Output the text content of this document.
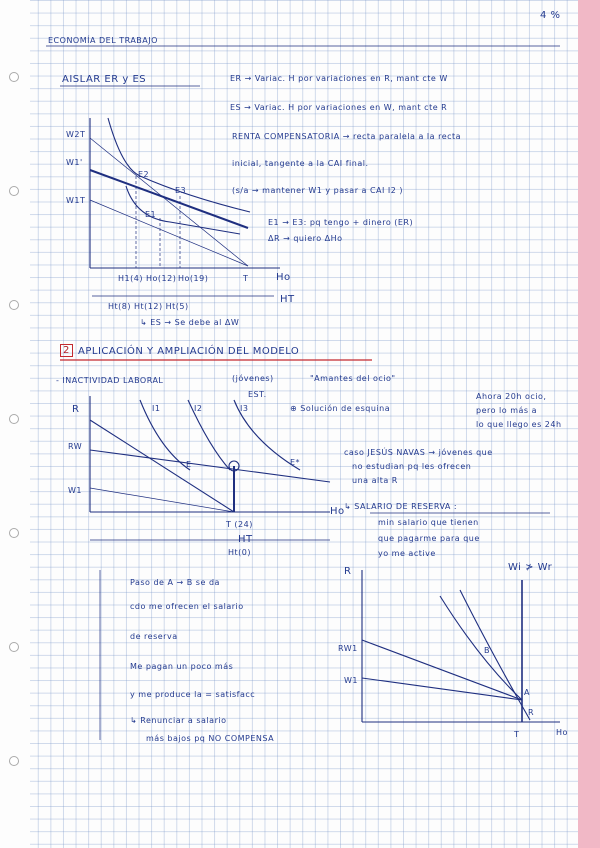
ECONOMÍA DEL TRABAJO
4 %
AISLAR ER y ES	ER → Variac. H por variaciones en R, mant cte W
ES → Variac. H por variaciones en W, mant cte R
RENTA COMPENSATORIA → recta paralela a la recta
inicial, tangente a la CAI final.
(s/a → mantener W1 y pasar a CAI I2 )
E1 → E3: pq tengo + dinero (ER)
ΔR → quiero ΔHo
W2T
W1'
W1T
E2
E3
E1
H1(4) Ho(12) Ho(19)	T	Ho
HT
Ht(8) Ht(12) Ht(5)
↳ ES → Se debe al ΔW
2 APLICACIÓN Y AMPLIACIÓN DEL MODELO
- INACTIVIDAD LABORAL	(jóvenes)	"Amantes del ocio"
EST.
R
RW
W1
I1	I2	I3
E	E*
T (24)
Ho
HT
Ht(0)
⊕ Solución de esquina
Ahora 20h ocio,
pero lo más a
lo que llego es 24h
caso JESÚS NAVAS → jóvenes que
no estudian pq les ofrecen
una alta R
↳ SALARIO DE RESERVA :
min salario que tienen
que pagarme para que
yo me active
Wi ≯ Wr
Paso de A → B se da
cdo me ofrecen el salario
de reserva
Me pagan un poco más
y me produce la = satisfacc
↳ Renunciar a salario
más bajos pq NO COMPENSA
R
RW1
W1
B
A
R
T	Ho
